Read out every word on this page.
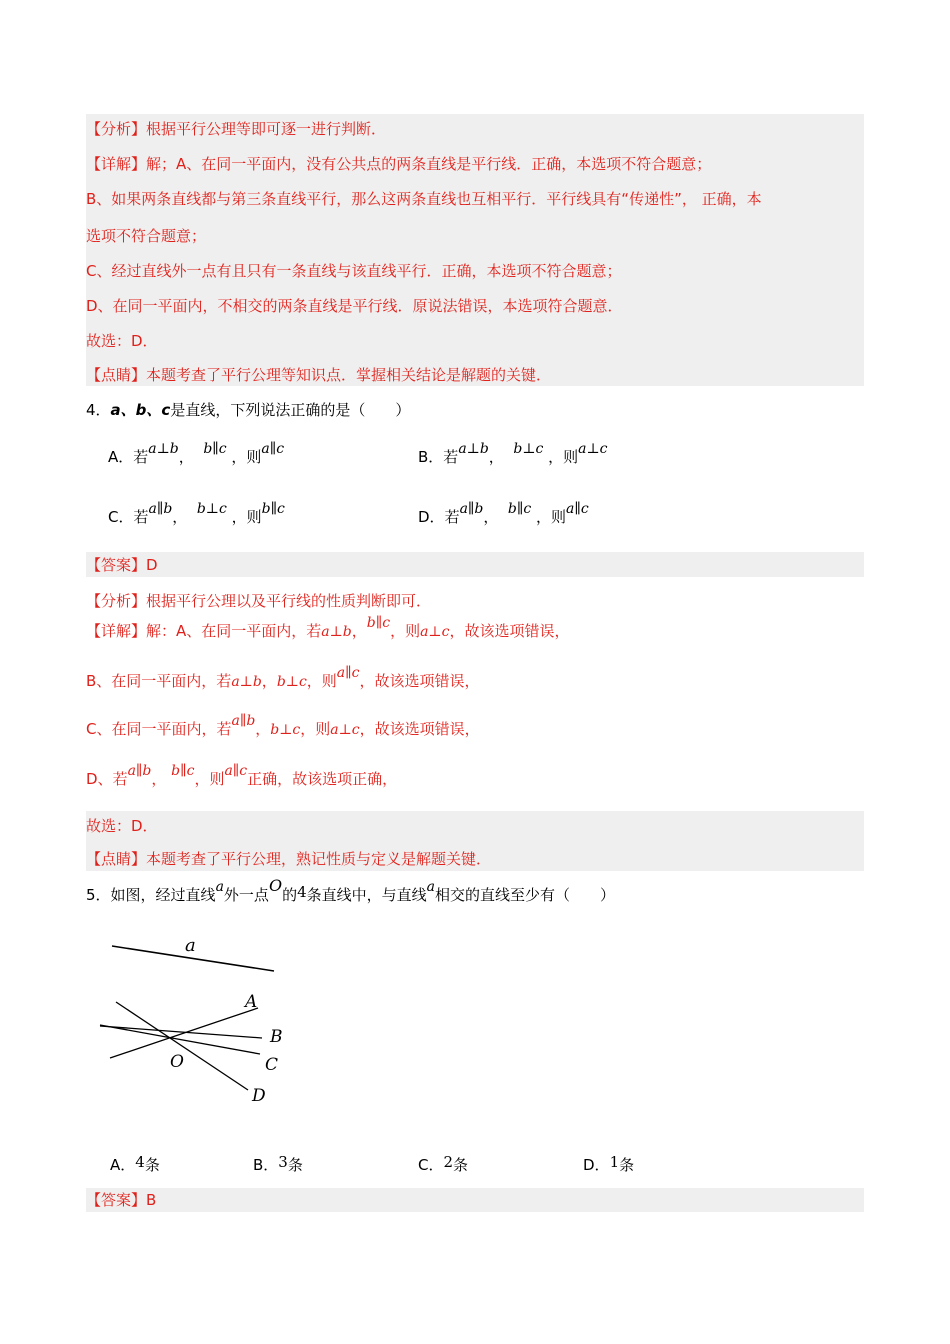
【分析】根据平行公理等即可逐一进行判断．
【详解】解；A、在同一平面内，没有公共点的两条直线是平行线．正确，本选项不符合题意；
B、如果两条直线都与第三条直线平行，那么这两条直线也互相平行．平行线具有“传递性”， 正确，本
选项不符合题意；
C、经过直线外一点有且只有一条直线与该直线平行．正确，本选项不符合题意；
D、在同一平面内，不相交的两条直线是平行线．原说法错误，本选项符合题意．
故选：D．
【点睛】本题考查了平行公理等知识点．掌握相关结论是解题的关键．
4．a、b、c是直线，下列说法正确的是（　　）
A．若a⊥b， b∥c ，则a∥c	B．若a⊥b， b⊥c ，则a⊥c
C．若a∥b， b⊥c ，则b∥c	D．若a∥b， b∥c ，则a∥c
【答案】D
【分析】根据平行公理以及平行线的性质判断即可．
【详解】解：A、在同一平面内，若a⊥b，b∥c，则a⊥c，故该选项错误，
B、在同一平面内，若a⊥b，b⊥c，则a∥c，故该选项错误，
C、在同一平面内，若a∥b，b⊥c，则a⊥c，故该选项错误，
D、若a∥b， b∥c，则a∥c正确，故该选项正确，
故选：D．
【点睛】本题考查了平行公理，熟记性质与定义是解题关键．
5．如图，经过直线a外一点O的4条直线中，与直线a相交的直线至少有（　　）
a
O
A
B
C
D
A．4条	B．3条	C．2条	D．1条
【答案】B
